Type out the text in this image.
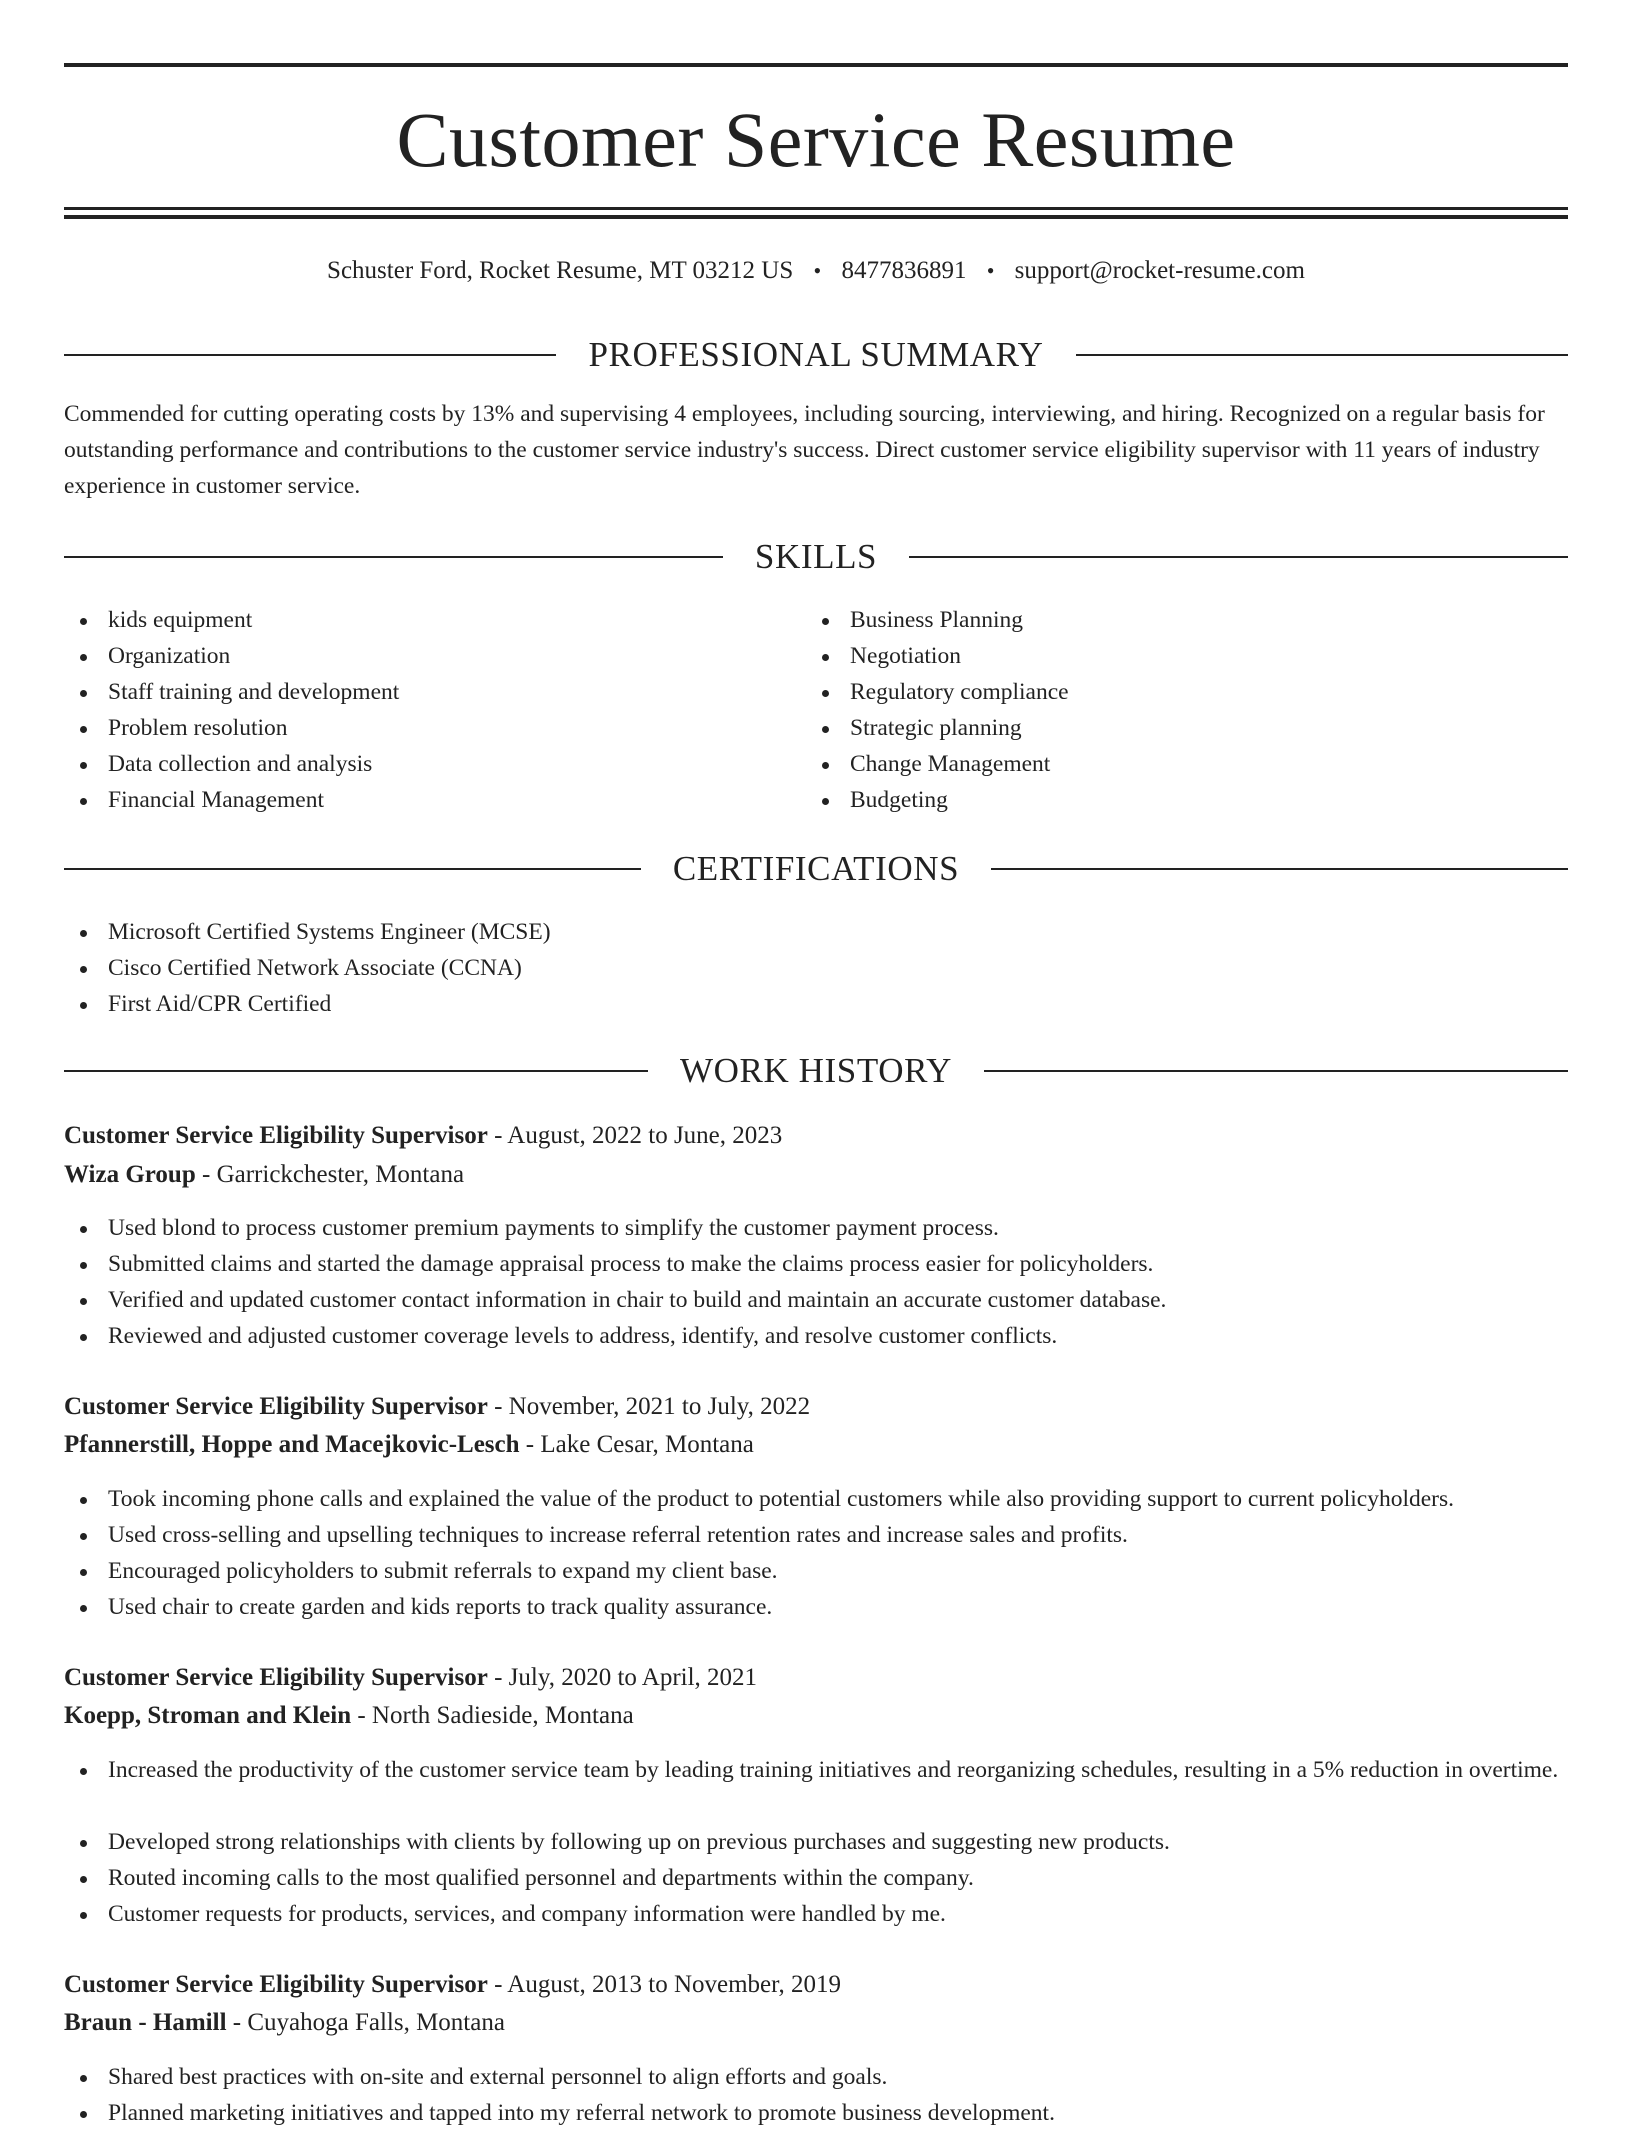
Customer Service Resume
Schuster Ford, Rocket Resume, MT 03212 US • 8477836891 • support@rocket-resume.com
PROFESSIONAL SUMMARY
Commended for cutting operating costs by 13% and supervising 4 employees, including sourcing, interviewing, and hiring. Recognized on a regular basis for outstanding performance and contributions to the customer service industry's success. Direct customer service eligibility supervisor with 11 years of industry experience in customer service.
SKILLS
kids equipment
Organization
Staff training and development
Problem resolution
Data collection and analysis
Financial Management
Business Planning
Negotiation
Regulatory compliance
Strategic planning
Change Management
Budgeting
CERTIFICATIONS
Microsoft Certified Systems Engineer (MCSE)
Cisco Certified Network Associate (CCNA)
First Aid/CPR Certified
WORK HISTORY
Customer Service Eligibility Supervisor - August, 2022 to June, 2023
Wiza Group - Garrickchester, Montana
Used blond to process customer premium payments to simplify the customer payment process.
Submitted claims and started the damage appraisal process to make the claims process easier for policyholders.
Verified and updated customer contact information in chair to build and maintain an accurate customer database.
Reviewed and adjusted customer coverage levels to address, identify, and resolve customer conflicts.
Customer Service Eligibility Supervisor - November, 2021 to July, 2022
Pfannerstill, Hoppe and Macejkovic-Lesch - Lake Cesar, Montana
Took incoming phone calls and explained the value of the product to potential customers while also providing support to current policyholders.
Used cross-selling and upselling techniques to increase referral retention rates and increase sales and profits.
Encouraged policyholders to submit referrals to expand my client base.
Used chair to create garden and kids reports to track quality assurance.
Customer Service Eligibility Supervisor - July, 2020 to April, 2021
Koepp, Stroman and Klein - North Sadieside, Montana
Increased the productivity of the customer service team by leading training initiatives and reorganizing schedules, resulting in a 5% reduction in overtime.
Developed strong relationships with clients by following up on previous purchases and suggesting new products.
Routed incoming calls to the most qualified personnel and departments within the company.
Customer requests for products, services, and company information were handled by me.
Customer Service Eligibility Supervisor - August, 2013 to November, 2019
Braun - Hamill - Cuyahoga Falls, Montana
Shared best practices with on-site and external personnel to align efforts and goals.
Planned marketing initiatives and tapped into my referral network to promote business development.
